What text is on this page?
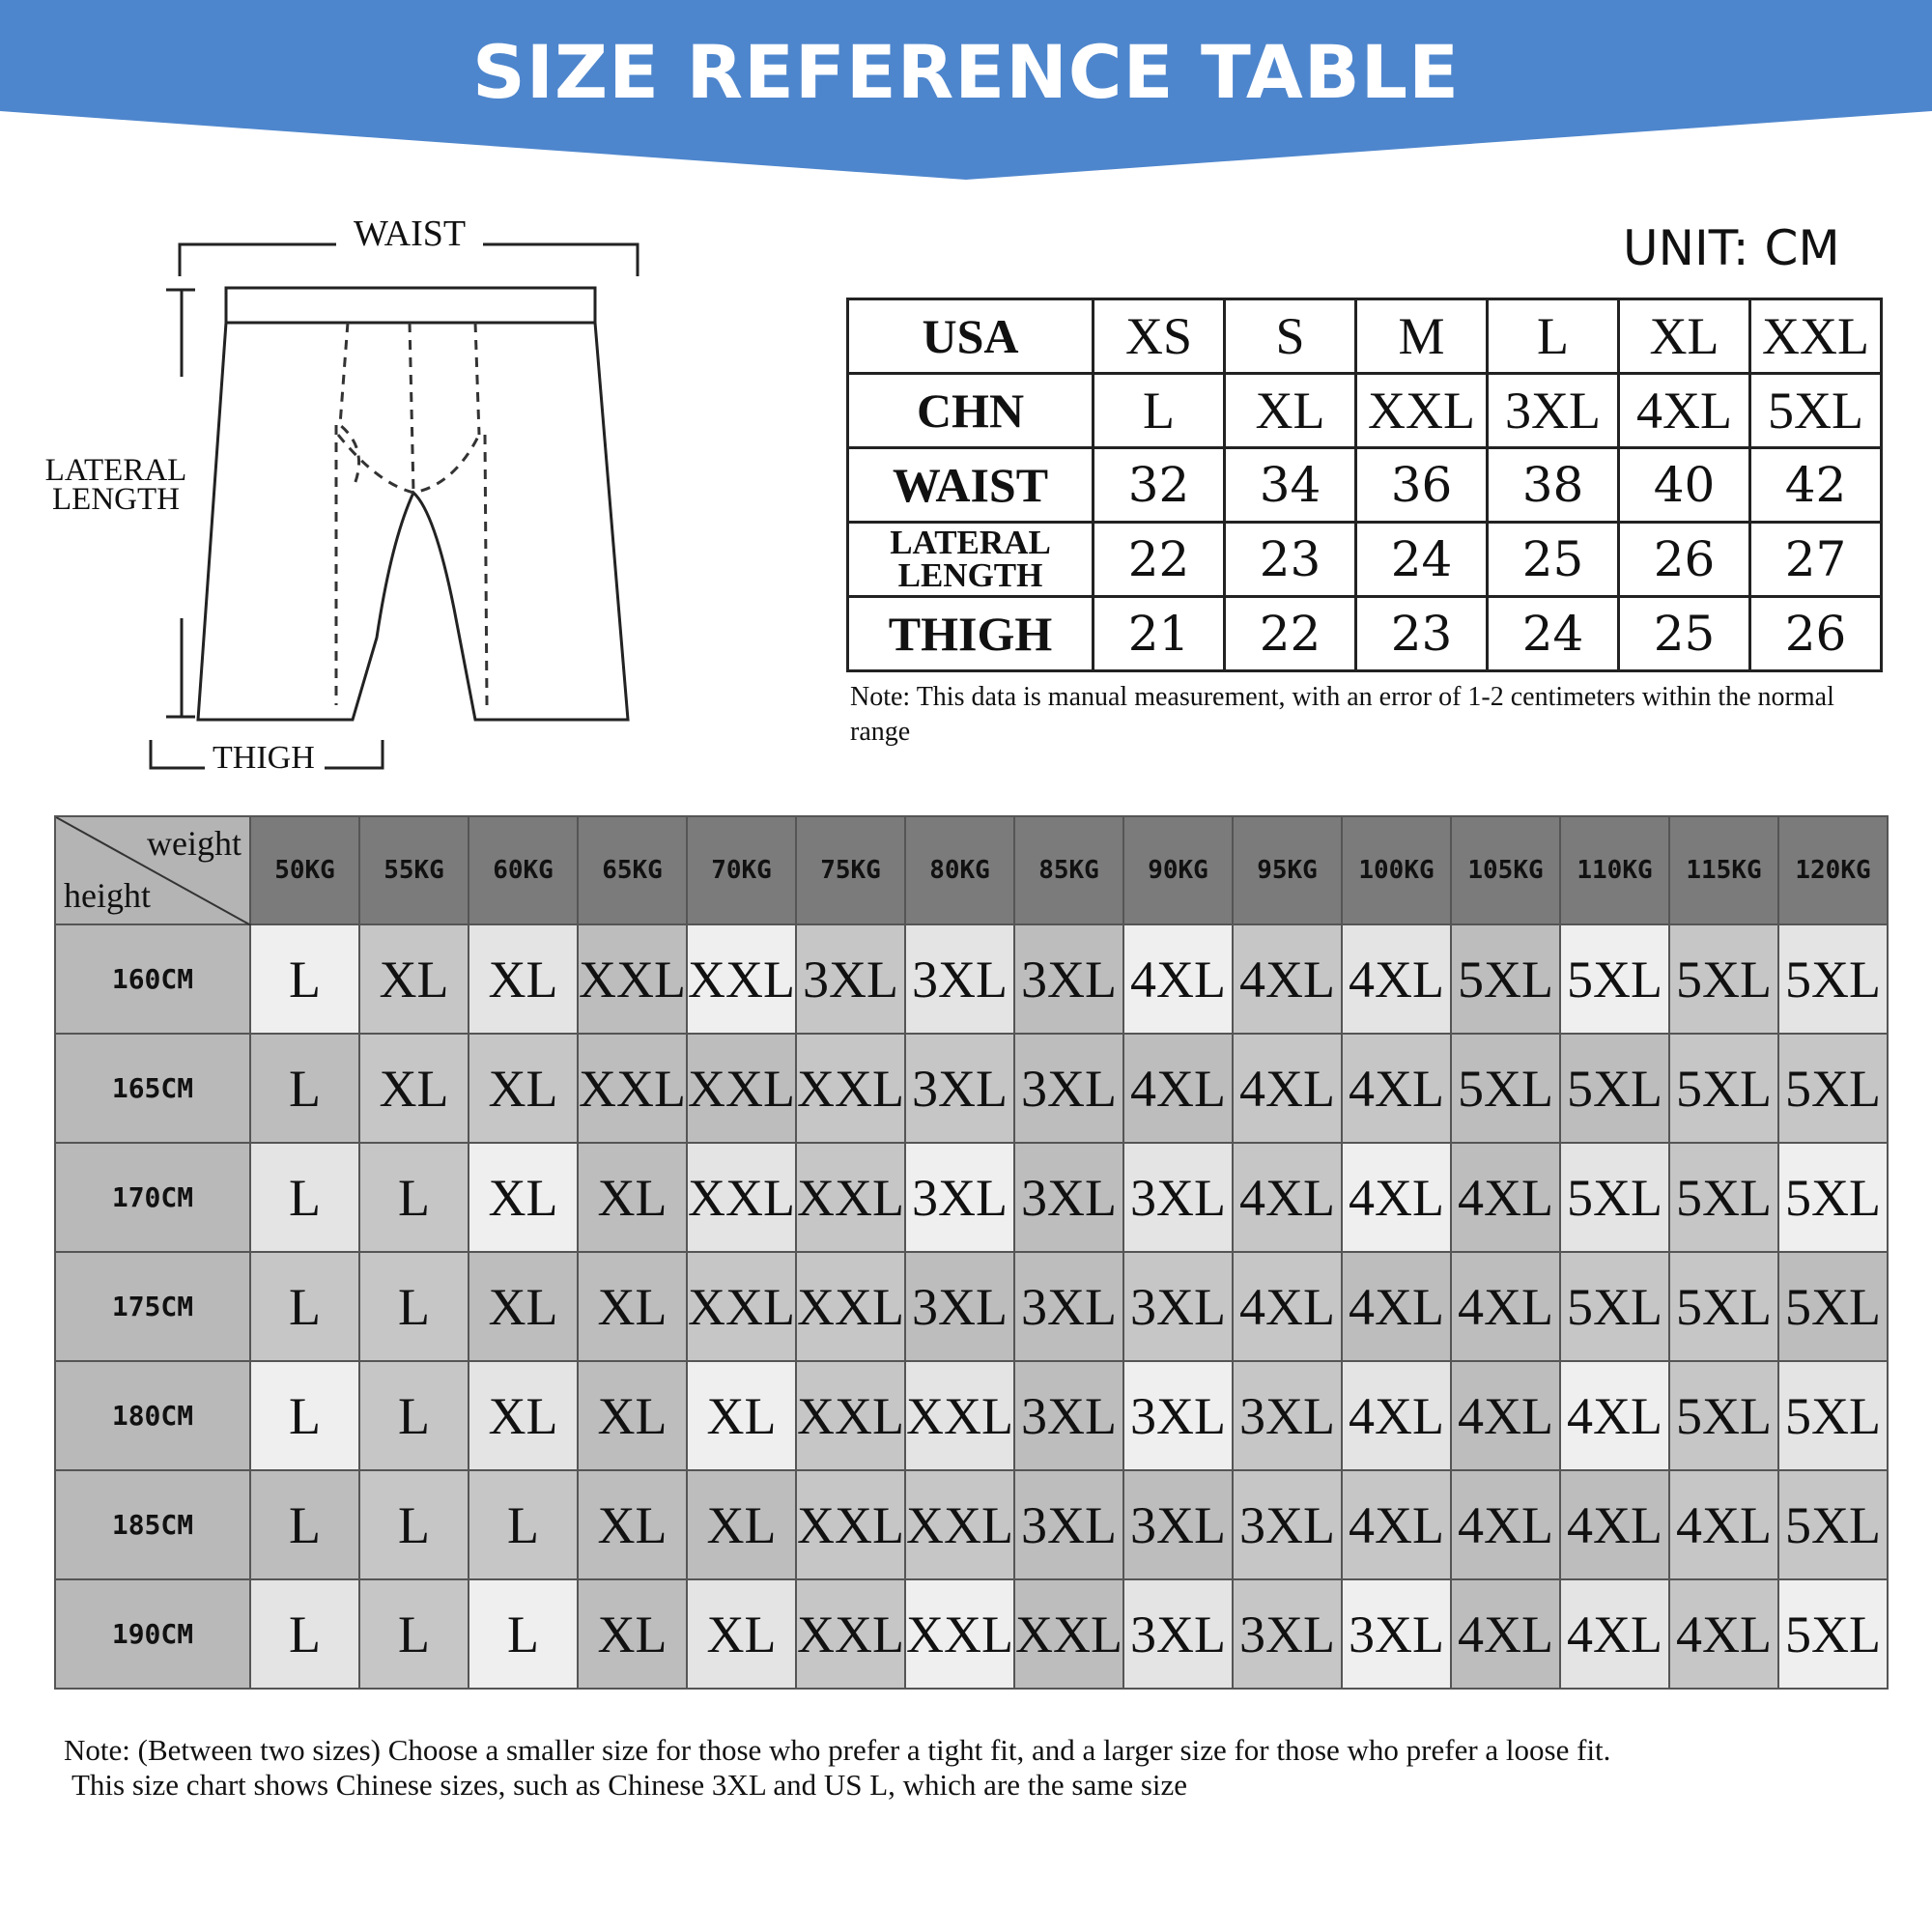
SIZE REFERENCE TABLE
WAIST
LATERAL
LENGTH
THIGH
UNIT: CM
USA	XS	S	M	L	XL	XXL
CHN	L	XL	XXL	3XL	4XL	5XL
WAIST	32	34	36	38	40	42

LATERAL
LENGTH	22	23	24	25	26	27
THIGH	21	22	23	24	25	26
Note: This data is manual measurement, with an error of 1-2 centimeters within the normal range
weight
height	50KG	55KG	60KG	65KG	70KG	75KG	80KG	85KG	90KG	95KG	100KG	105KG	110KG	115KG	120KG
160CM	L	XL	XL	XXL	XXL	3XL	3XL	3XL	4XL	4XL	4XL	5XL	5XL	5XL	5XL
165CM	L	XL	XL	XXL	XXL	XXL	3XL	3XL	4XL	4XL	4XL	5XL	5XL	5XL	5XL
170CM	L	L	XL	XL	XXL	XXL	3XL	3XL	3XL	4XL	4XL	4XL	5XL	5XL	5XL
175CM	L	L	XL	XL	XXL	XXL	3XL	3XL	3XL	4XL	4XL	4XL	5XL	5XL	5XL
180CM	L	L	XL	XL	XL	XXL	XXL	3XL	3XL	3XL	4XL	4XL	4XL	5XL	5XL
185CM	L	L	L	XL	XL	XXL	XXL	3XL	3XL	3XL	4XL	4XL	4XL	4XL	5XL
190CM	L	L	L	XL	XL	XXL	XXL	XXL	3XL	3XL	3XL	4XL	4XL	4XL	5XL
Note: (Between two sizes) Choose a smaller size for those who prefer a tight fit, and a larger size for those who prefer a loose fit.
This size chart shows Chinese sizes, such as Chinese 3XL and US L, which are the same size
